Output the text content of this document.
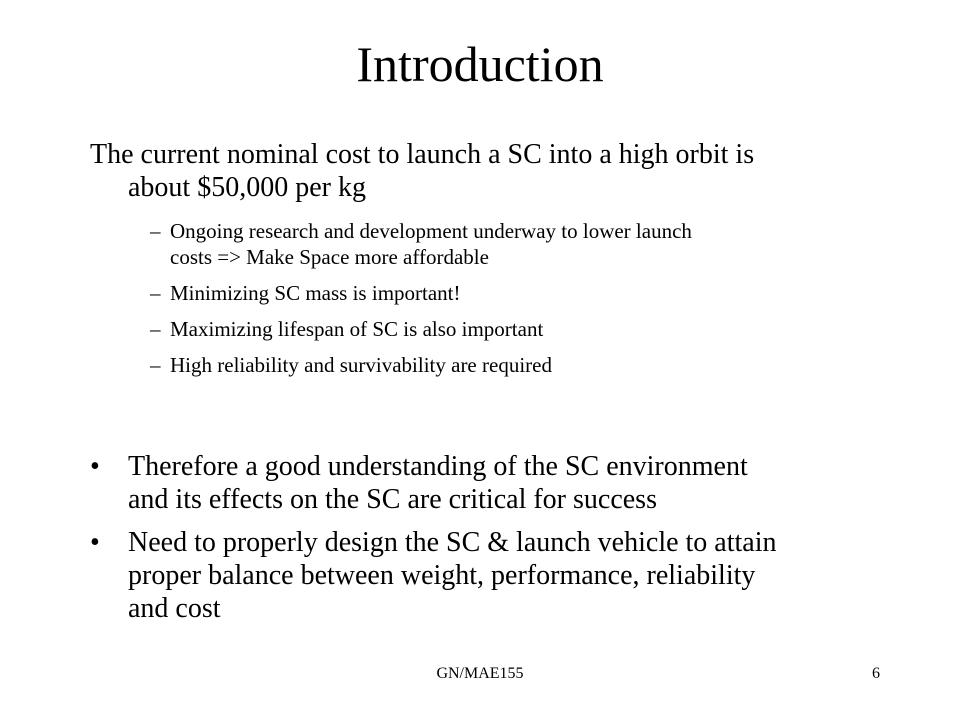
Introduction
The current nominal cost to launch a SC into a high orbit is
about $50,000 per kg
– Ongoing research and development underway to lower launch
costs => Make Space more affordable
– Minimizing SC mass is important!
– Maximizing lifespan of SC is also important
– High reliability and survivability are required
• Therefore a good understanding of the SC environment
and its effects on the SC are critical for success
• Need to properly design the SC & launch vehicle to attain
proper balance between weight, performance, reliability
and cost
GN/MAE155	6
